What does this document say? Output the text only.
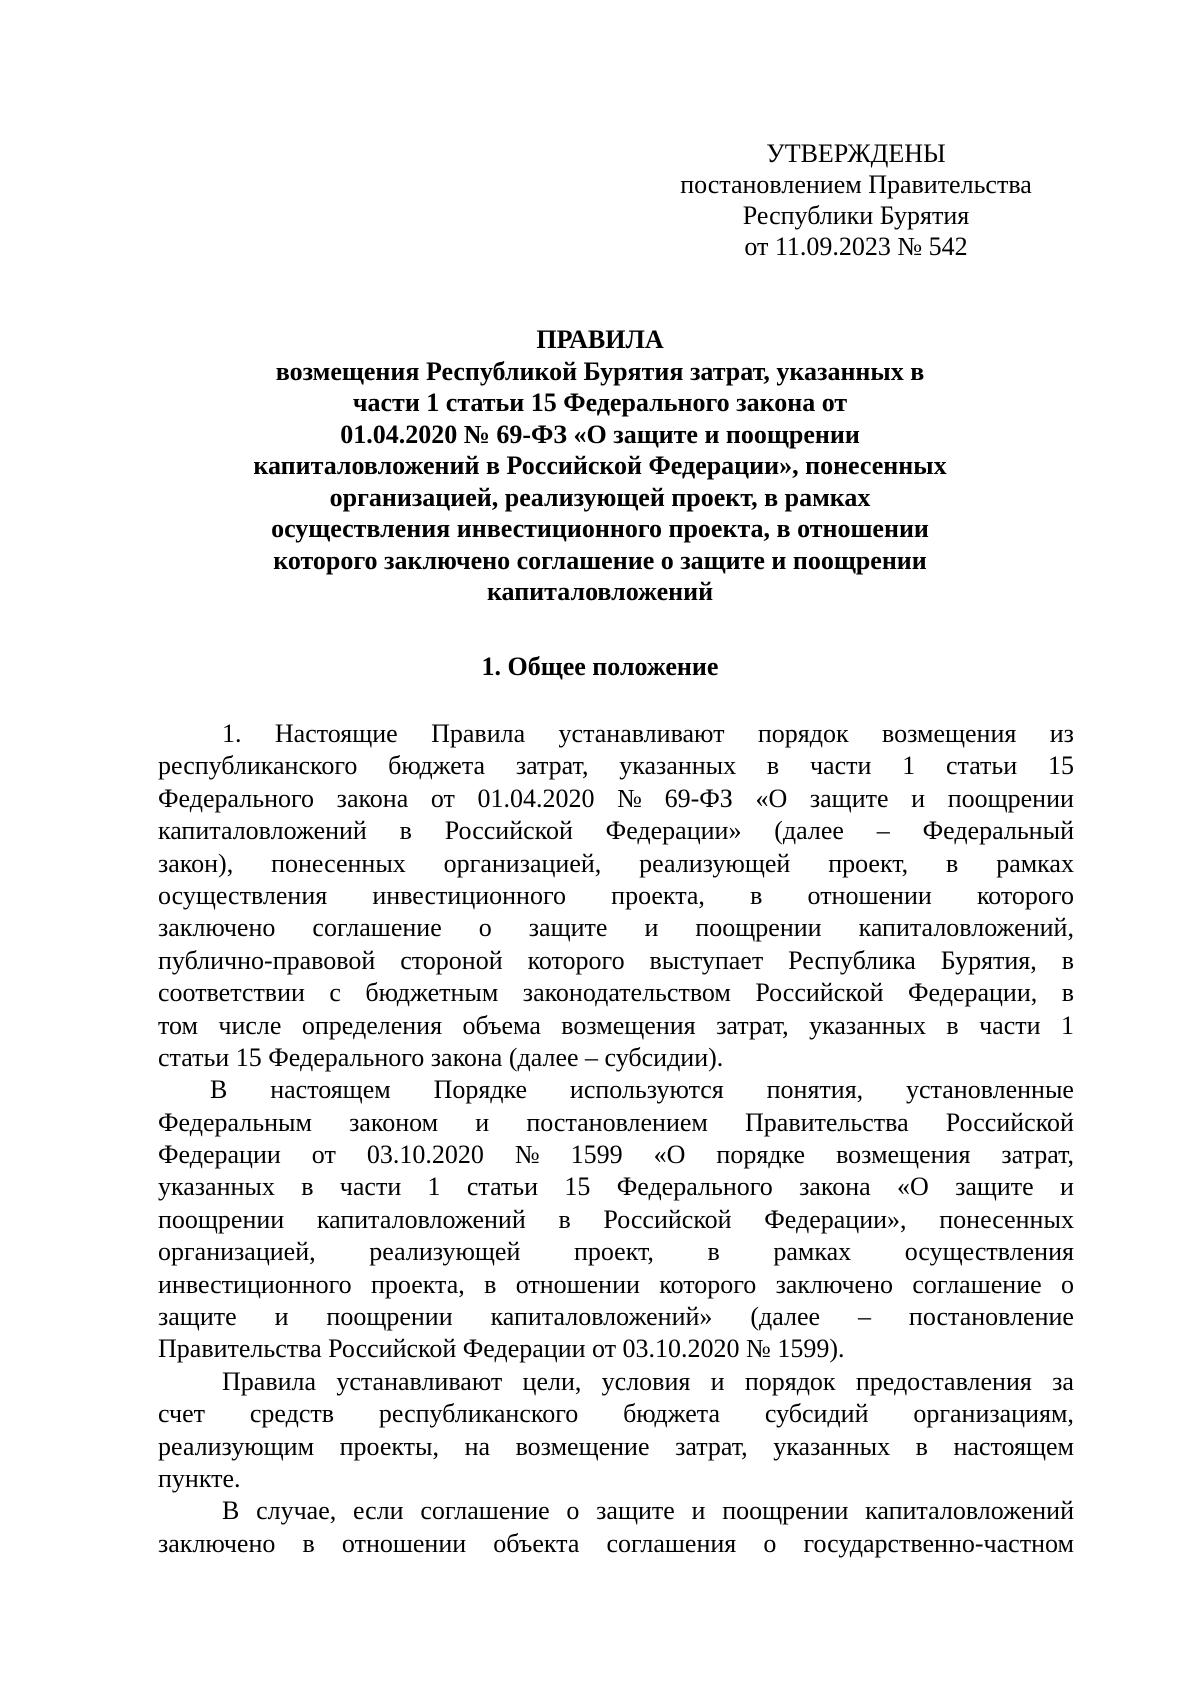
УТВЕРЖДЕНЫ
постановлением Правительства
Республики Бурятия
от 11.09.2023 № 542
ПРАВИЛА
возмещения Республикой Бурятия затрат, указанных в
части 1 статьи 15 Федерального закона от
01.04.2020 № 69-ФЗ «О защите и поощрении
капиталовложений в Российской Федерации», понесенных
организацией, реализующей проект, в рамках
осуществления инвестиционного проекта, в отношении
которого заключено соглашение о защите и поощрении
капиталовложений
1. Общее положение
1. Настоящие Правила устанавливают порядок возмещения из
республиканского бюджета затрат, указанных в части 1 статьи 15
Федерального закона от 01.04.2020 № 69-ФЗ «О защите и поощрении
капиталовложений в Российской Федерации» (далее – Федеральный
закон), понесенных организацией, реализующей проект, в рамках
осуществления инвестиционного проекта, в отношении которого
заключено соглашение о защите и поощрении капиталовложений,
публично-правовой стороной которого выступает Республика Бурятия, в
соответствии с бюджетным законодательством Российской Федерации, в
том числе определения объема возмещения затрат, указанных в части 1
статьи 15 Федерального закона (далее – субсидии).
В настоящем Порядке используются понятия, установленные
Федеральным законом и постановлением Правительства Российской
Федерации от 03.10.2020 № 1599 «О порядке возмещения затрат,
указанных в части 1 статьи 15 Федерального закона «О защите и
поощрении капиталовложений в Российской Федерации», понесенных
организацией, реализующей проект, в рамках осуществления
инвестиционного проекта, в отношении которого заключено соглашение о
защите и поощрении капиталовложений» (далее – постановление
Правительства Российской Федерации от 03.10.2020 № 1599).
Правила устанавливают цели, условия и порядок предоставления за
счет средств республиканского бюджета субсидий организациям,
реализующим проекты, на возмещение затрат, указанных в настоящем
пункте.
В случае, если соглашение о защите и поощрении капиталовложений
заключено в отношении объекта соглашения о государственно-частном
